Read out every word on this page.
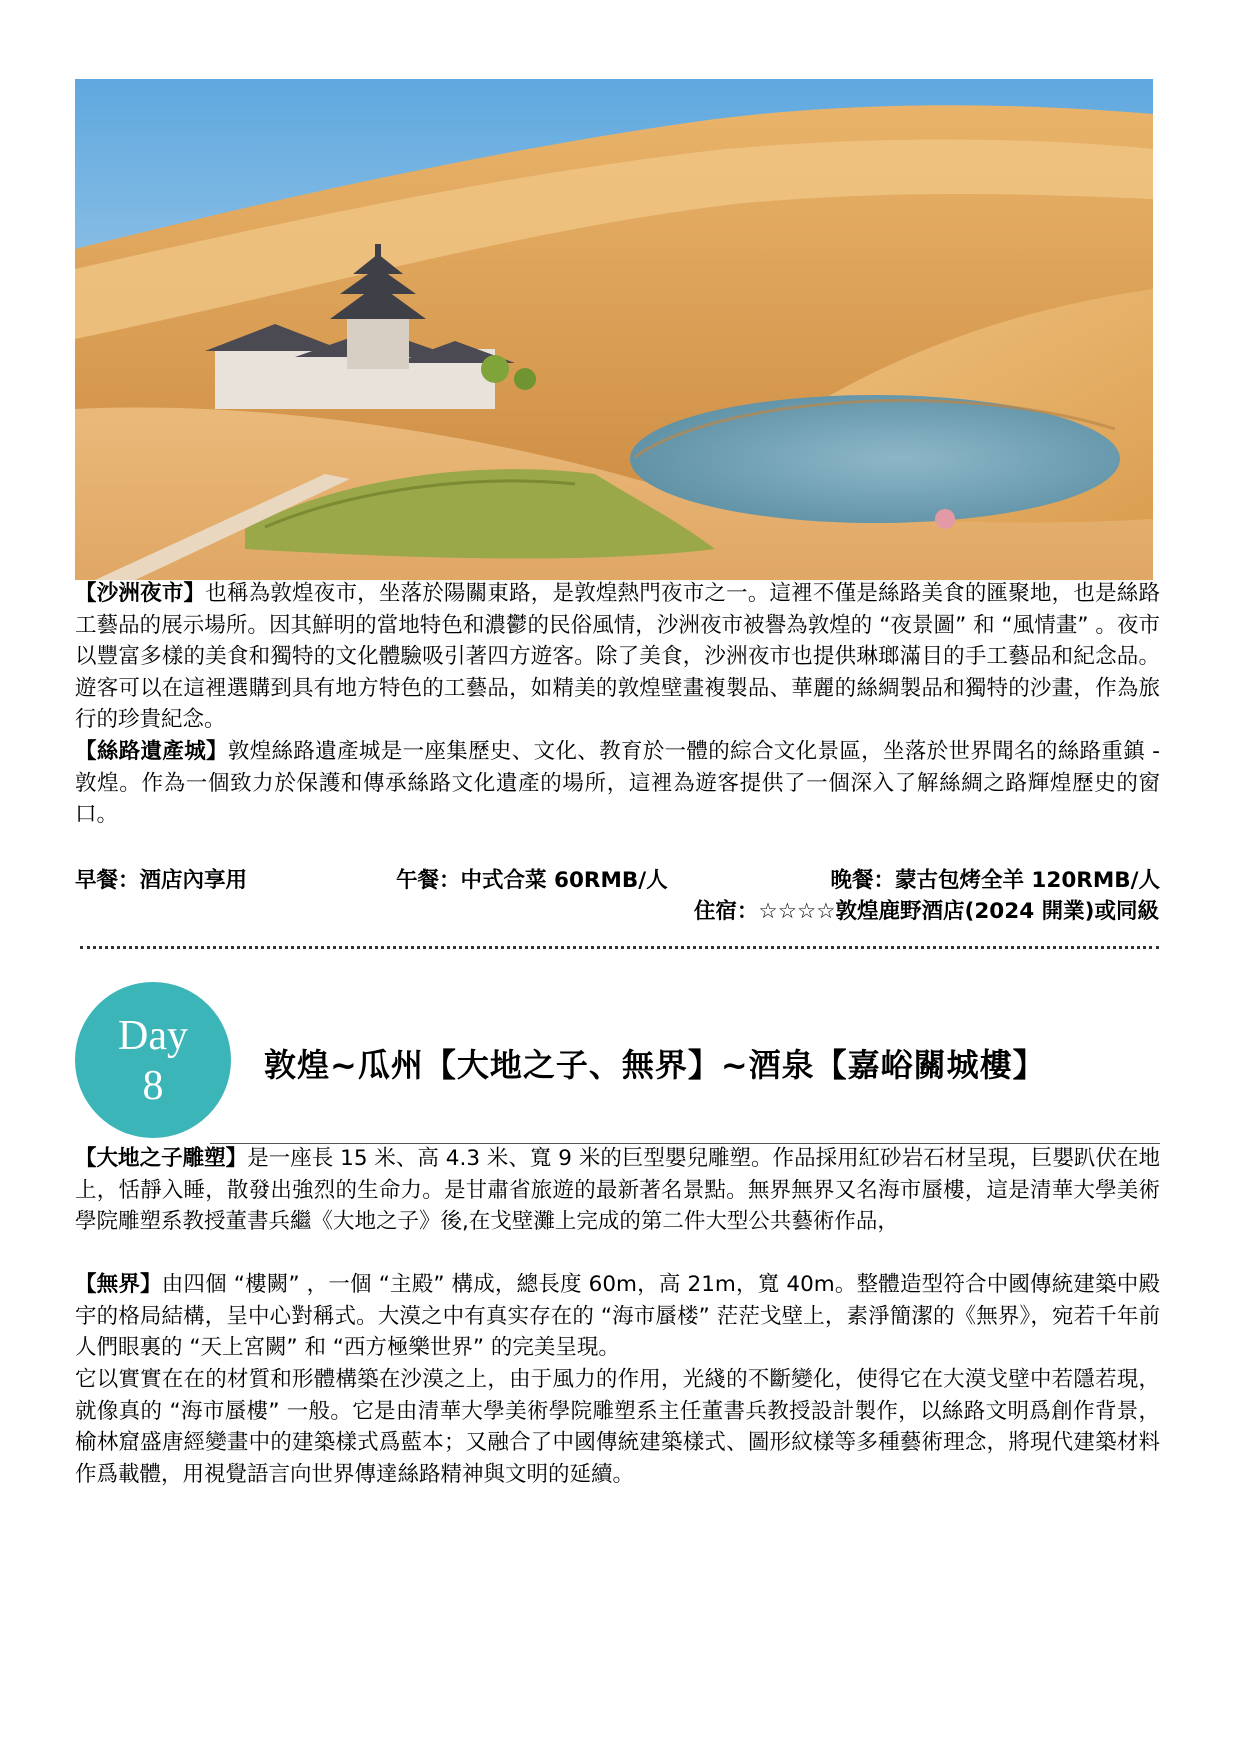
【沙洲夜市】也稱為敦煌夜市，坐落於陽關東路，是敦煌熱門夜市之一。這裡不僅是絲路美食的匯聚地，也是絲路工藝品的展示場所。因其鮮明的當地特色和濃鬱的民俗風情，沙洲夜市被譽為敦煌的 “夜景圖” 和 “風情畫” 。夜市以豐富多樣的美食和獨特的文化體驗吸引著四方遊客。除了美食，沙洲夜市也提供琳瑯滿目的手工藝品和紀念品。遊客可以在這裡選購到具有地方特色的工藝品，如精美的敦煌壁畫複製品、華麗的絲綢製品和獨特的沙畫，作為旅行的珍貴紀念。

【絲路遺產城】敦煌絲路遺產城是一座集歷史、文化、教育於一體的綜合文化景區，坐落於世界聞名的絲路重鎮 - 敦煌。作為一個致力於保護和傳承絲路文化遺產的場所，這裡為遊客提供了一個深入了解絲綢之路輝煌歷史的窗口。

早餐：酒店內享用	午餐：中式合菜 60RMB/人	晚餐：蒙古包烤全羊 120RMB/人
住宿：☆☆☆☆敦煌鹿野酒店(2024 開業)或同級
Day
8	敦煌~瓜州【大地之子、無界】~酒泉【嘉峪關城樓】

【大地之子雕塑】是一座長 15 米、高 4.3 米、寬 9 米的巨型嬰兒雕塑。作品採用紅砂岩石材呈現，巨嬰趴伏在地上，恬靜入睡，散發出強烈的生命力。是甘肅省旅遊的最新著名景點。無界無界又名海市蜃樓，這是清華大學美術學院雕塑系教授董書兵繼《大地之子》後,在戈壁灘上完成的第二件大型公共藝術作品，

【無界】由四個 “樓闕” ，一個 “主殿” 構成，總長度 60m，高 21m，寬 40m。整體造型符合中國傳統建築中殿宇的格局結構，呈中心對稱式。大漠之中有真实存在的 “海市蜃楼” 茫茫戈壁上，素淨簡潔的《無界》，宛若千年前人們眼裏的 “天上宮闕” 和 “西方極樂世界” 的完美呈現。

它以實實在在的材質和形體構築在沙漠之上，由于風力的作用，光綫的不斷變化，使得它在大漠戈壁中若隱若現，就像真的 “海市蜃樓” 一般。它是由清華大學美術學院雕塑系主任董書兵教授設計製作，以絲路文明爲創作背景，榆林窟盛唐經變畫中的建築樣式爲藍本；又融合了中國傳統建築樣式、圖形紋樣等多種藝術理念，將現代建築材料作爲載體，用視覺語言向世界傳達絲路精神與文明的延續。
